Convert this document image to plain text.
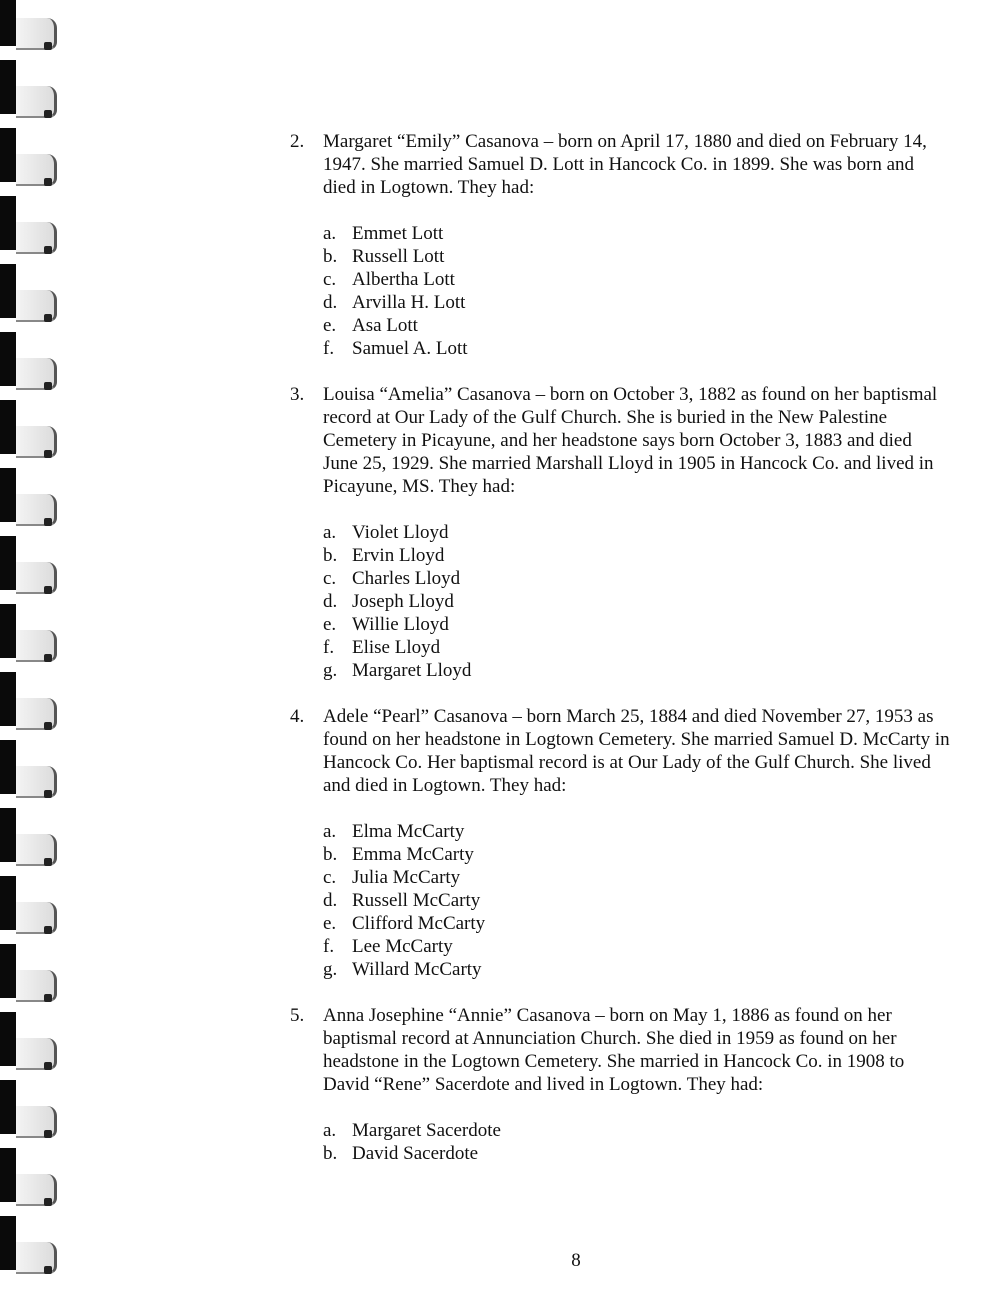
2. Margaret “Emily” Casanova – born on April 17, 1880 and died on February 14, 1947. She married Samuel D. Lott in Hancock Co. in 1899. She was born and died in Logtown. They had:

a. Emmet Lott
b. Russell Lott
c. Albertha Lott
d. Arvilla H. Lott
e. Asa Lott
f. Samuel A. Lott
3. Louisa “Amelia” Casanova – born on October 3, 1882 as found on her baptismal record at Our Lady of the Gulf Church. She is buried in the New Palestine Cemetery in Picayune, and her headstone says born October 3, 1883 and died June 25, 1929. She married Marshall Lloyd in 1905 in Hancock Co. and lived in Picayune, MS. They had:

a. Violet Lloyd
b. Ervin Lloyd
c. Charles Lloyd
d. Joseph Lloyd
e. Willie Lloyd
f. Elise Lloyd
g. Margaret Lloyd
4. Adele “Pearl” Casanova – born March 25, 1884 and died November 27, 1953 as found on her headstone in Logtown Cemetery. She married Samuel D. McCarty in Hancock Co. Her baptismal record is at Our Lady of the Gulf Church. She lived and died in Logtown. They had:

a. Elma McCarty
b. Emma McCarty
c. Julia McCarty
d. Russell McCarty
e. Clifford McCarty
f. Lee McCarty
g. Willard McCarty
5. Anna Josephine “Annie” Casanova – born on May 1, 1886 as found on her baptismal record at Annunciation Church. She died in 1959 as found on her headstone in the Logtown Cemetery. She married in Hancock Co. in 1908 to David “Rene” Sacerdote and lived in Logtown. They had:

a. Margaret Sacerdote
b. David Sacerdote
8
